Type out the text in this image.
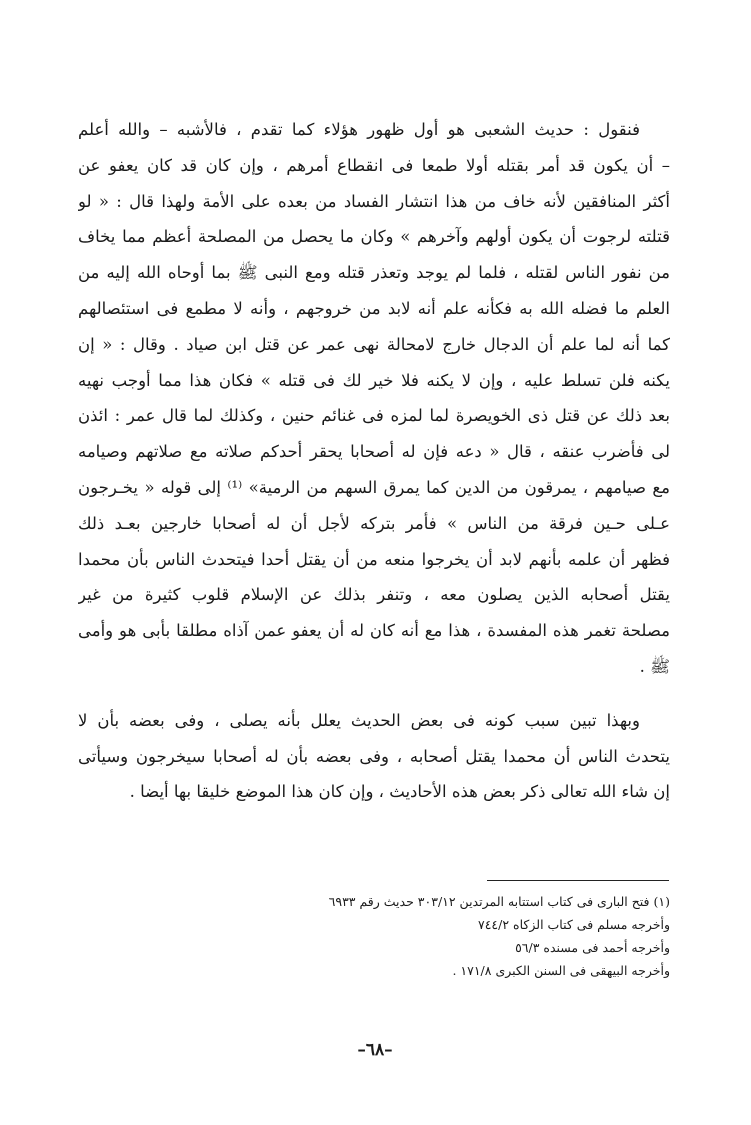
فنقول : حديث الشعبى هو أول ظهور هؤلاء كما تقدم ، فالأشبه – والله أعلم
– أن يكون قد أمر بقتله أولا طمعا فى انقطاع أمرهم ، وإن كان قد كان يعفو عن
أكثر المنافقين لأنه خاف من هذا انتشار الفساد من بعده على الأمة ولهذا قال : « لو
قتلته لرجوت أن يكون أولهم وآخرهم » وكان ما يحصل من المصلحة أعظم مما يخاف
من نفور الناس لقتله ، فلما لم يوجد وتعذر قتله ومع النبى ﷺ بما أوحاه الله إليه من
العلم ما فضله الله به فكأنه علم أنه لابد من خروجهم ، وأنه لا مطمع فى استئصالهم
كما أنه لما علم أن الدجال خارج لامحالة نهى عمر عن قتل ابن صياد . وقال : « إن
يكنه فلن تسلط عليه ، وإن لا يكنه فلا خير لك فى قتله » فكان هذا مما أوجب نهيه
بعد ذلك عن قتل ذى الخويصرة لما لمزه فى غنائم حنين ، وكذلك لما قال عمر : ائذن
لى فأضرب عنقه ، قال « دعه فإن له أصحابا يحقر أحدكم صلاته مع صلاتهم وصيامه
مع صيامهم ، يمرقون من الدين كما يمرق السهم من الرمية» ⁽¹⁾ إلى قوله « يخـرجون
عـلى حـين فرقة من الناس » فأمر بتركه لأجل أن له أصحابا خارجين بعـد ذلك
فظهر أن علمه بأنهم لابد أن يخرجوا منعه من أن يقتل أحدا فيتحدث الناس بأن محمدا
يقتل أصحابه الذين يصلون معه ، وتنفر بذلك عن الإسلام قلوب كثيرة من غير
مصلحة تغمر هذه المفسدة ، هذا مع أنه كان له أن يعفو عمن آذاه مطلقا بأبى هو وأمى
ﷺ .
وبهذا تبين سبب كونه فى بعض الحديث يعلل بأنه يصلى ، وفى بعضه بأن لا
يتحدث الناس أن محمدا يقتل أصحابه ، وفى بعضه بأن له أصحابا سيخرجون وسيأتى
إن شاء الله تعالى ذكر بعض هذه الأحاديث ، وإن كان هذا الموضع خليقا بها أيضا .
(١) فتح البارى فى كتاب استتابه المرتدين ٣٠٣/١٢ حديث رقم ٦٩٣٣
وأخرجه مسلم فى كتاب الزكاه ٧٤٤/٢
وأخرجه أحمد فى مسنده ٥٦/٣
وأخرجه البيهقى فى السنن الكبرى ١٧١/٨ .
–٦٨–
